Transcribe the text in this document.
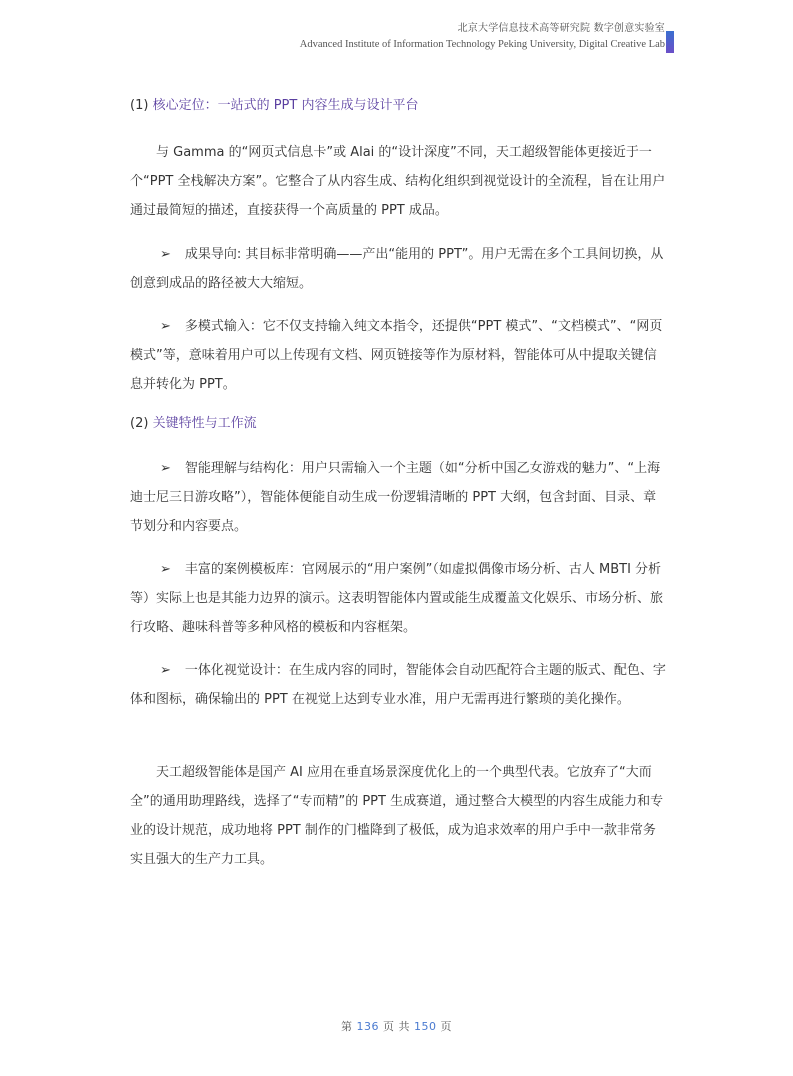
北京大学信息技术高等研究院 数字创意实验室
Advanced Institute of Information Technology Peking University, Digital Creative Lab
(1) 核心定位：一站式的 PPT 内容生成与设计平台

与 Gamma 的“网页式信息卡”或 Alai 的“设计深度”不同，天工超级智能体更接近于一个“PPT 全栈解决方案”。它整合了从内容生成、结构化组织到视觉设计的全流程，旨在让用户通过最简短的描述，直接获得一个高质量的 PPT 成品。

➢ 成果导向: 其目标非常明确——产出“能用的 PPT”。用户无需在多个工具间切换，从创意到成品的路径被大大缩短。
➢ 多模式输入：它不仅支持输入纯文本指令，还提供“PPT 模式”、“文档模式”、“网页模式”等，意味着用户可以上传现有文档、网页链接等作为原材料，智能体可从中提取关键信息并转化为 PPT。
(2) 关键特性与工作流
➢ 智能理解与结构化：用户只需输入一个主题（如“分析中国乙女游戏的魅力”、“上海迪士尼三日游攻略”），智能体便能自动生成一份逻辑清晰的 PPT 大纲，包含封面、目录、章节划分和内容要点。
➢ 丰富的案例模板库：官网展示的“用户案例”（如虚拟偶像市场分析、古人 MBTI 分析等）实际上也是其能力边界的演示。这表明智能体内置或能生成覆盖文化娱乐、市场分析、旅行攻略、趣味科普等多种风格的模板和内容框架。
➢ 一体化视觉设计：在生成内容的同时，智能体会自动匹配符合主题的版式、配色、字体和图标，确保输出的 PPT 在视觉上达到专业水准，用户无需再进行繁琐的美化操作。

天工超级智能体是国产 AI 应用在垂直场景深度优化上的一个典型代表。它放弃了“大而全”的通用助理路线，选择了“专而精”的 PPT 生成赛道，通过整合大模型的内容生成能力和专业的设计规范，成功地将 PPT 制作的门槛降到了极低，成为追求效率的用户手中一款非常务实且强大的生产力工具。

第 136 页 共 150 页
